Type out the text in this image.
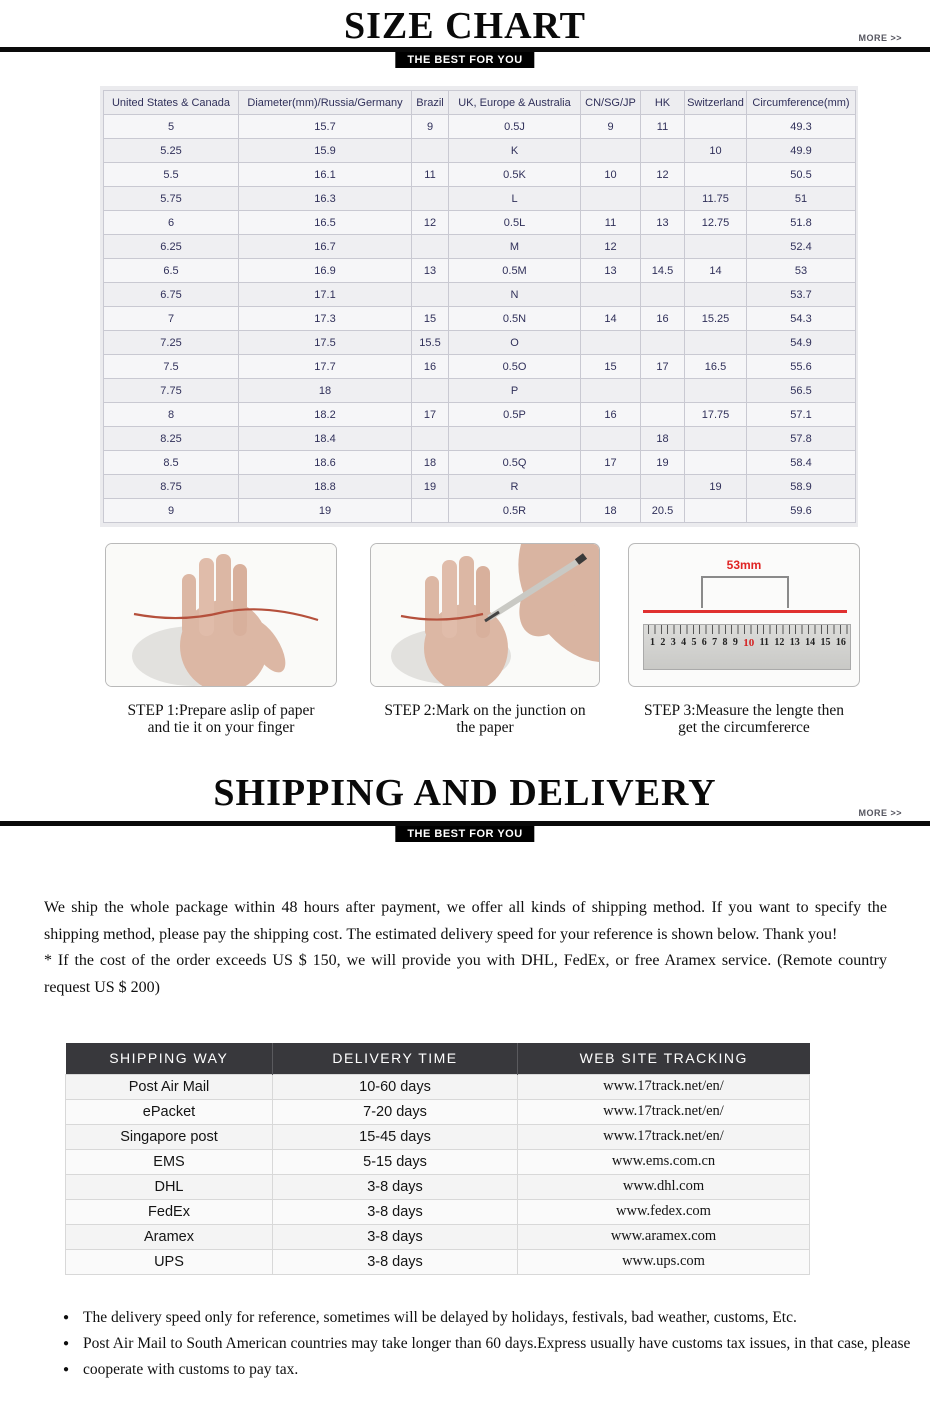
SIZE CHART	MORE >>
THE BEST FOR YOU
United States & Canada	Diameter(mm)/Russia/Germany	Brazil	UK, Europe & Australia	CN/SG/JP	HK	Switzerland	Circumference(mm)
5	15.7	9	0.5J	9	11		49.3
5.25	15.9		K			10	49.9
5.5	16.1	11	0.5K	10	12		50.5
5.75	16.3		L			11.75	51
6	16.5	12	0.5L	11	13	12.75	51.8
6.25	16.7		M	12			52.4
6.5	16.9	13	0.5M	13	14.5	14	53
6.75	17.1		N				53.7
7	17.3	15	0.5N	14	16	15.25	54.3
7.25	17.5	15.5	O				54.9
7.5	17.7	16	0.5O	15	17	16.5	55.6
7.75	18		P				56.5
8	18.2	17	0.5P	16		17.75	57.1
8.25	18.4				18		57.8
8.5	18.6	18	0.5Q	17	19		58.4
8.75	18.8	19	R			19	58.9
9	19		0.5R	18	20.5		59.6
53mm
1 2 3 4 5 6 7 8 9 10 11 12 13 14 15 16
STEP 1:Prepare aslip of paper
and tie it on your finger
STEP 2:Mark on the junction on
the paper
STEP 3:Measure the lengte then
get the circumfererce
SHIPPING AND DELIVERY	MORE >>
THE BEST FOR YOU

We ship the whole package within 48 hours after payment, we offer all kinds of shipping method. If you want to specify the shipping method, please pay the shipping cost. The estimated delivery speed for your reference is shown below. Thank you!

* If the cost of the order exceeds US $ 150, we will provide you with DHL, FedEx, or free Aramex service. (Remote country request US $ 200)

SHIPPING WAY	DELIVERY TIME	WEB SITE TRACKING
Post Air Mail	10-60 days	www.17track.net/en/
ePacket	7-20 days	www.17track.net/en/
Singapore post	15-45 days	www.17track.net/en/
EMS	5-15 days	www.ems.com.cn
DHL	3-8 days	www.dhl.com
FedEx	3-8 days	www.fedex.com
Aramex	3-8 days	www.aramex.com
UPS	3-8 days	www.ups.com
● The delivery speed only for reference, sometimes will be delayed by holidays, festivals, bad weather, customs, Etc.
● Post Air Mail to South American countries may take longer than 60 days.Express usually have customs tax issues, in that case, please
● cooperate with customs to pay tax.
